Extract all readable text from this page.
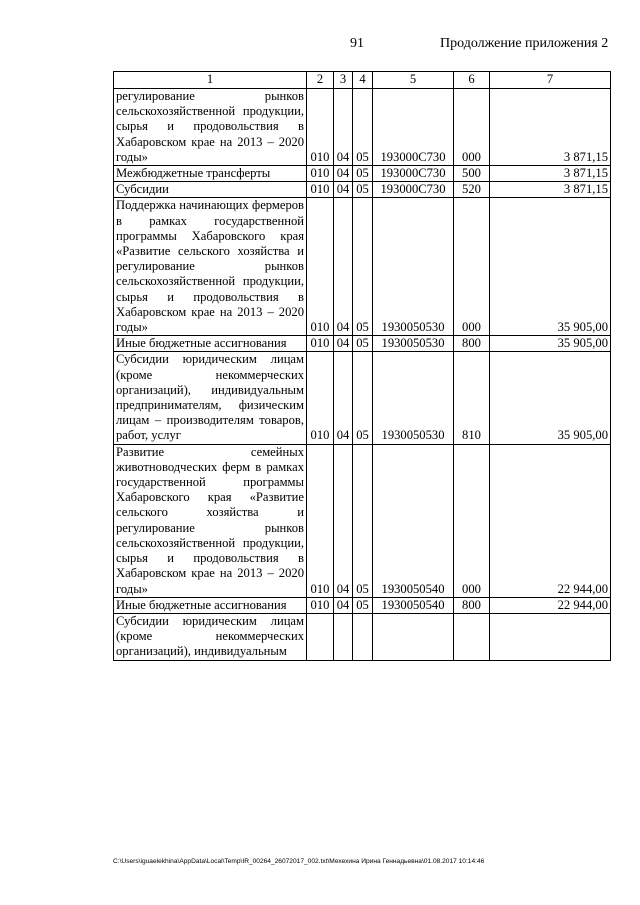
91	Продолжение приложения 2
1	2	3	4	5	6	7
регулирование рынков сельскохозяйственной продукции, сырья и продовольствия в Хабаровском крае на 2013 – 2020 годы»	010	04	05	193000С730	000	3 871,15
Межбюджетные трансферты	010	04	05	193000С730	500	3 871,15
Субсидии	010	04	05	193000С730	520	3 871,15
Поддержка начинающих фермеров в рамках государственной программы Хабаровского края «Развитие сельского хозяйства и регулирование рынков сельскохозяйственной продукции, сырья и продовольствия в Хабаровском крае на 2013 – 2020 годы»	010	04	05	1930050530	000	35 905,00
Иные бюджетные ассигнования	010	04	05	1930050530	800	35 905,00
Субсидии юридическим лицам (кроме некоммерческих организаций), индивидуальным предпринимателям, физическим лицам – производителям товаров, работ, услуг	010	04	05	1930050530	810	35 905,00
Развитие семейных животноводческих ферм в рамках государственной программы Хабаровского края «Развитие сельского хозяйства и регулирование рынков сельскохозяйственной продукции, сырья и продовольствия в Хабаровском крае на 2013 – 2020 годы»	010	04	05	1930050540	000	22 944,00
Иные бюджетные ассигнования	010	04	05	1930050540	800	22 944,00
Субсидии юридическим лицам (кроме некоммерческих организаций), индивидуальным						
C:\Users\iguaelekhina\AppData\Local\Temp\IR_00264_26072017_002.txt\Мехехина Ирина Геннадьевна\01.08.2017 10:14:46
